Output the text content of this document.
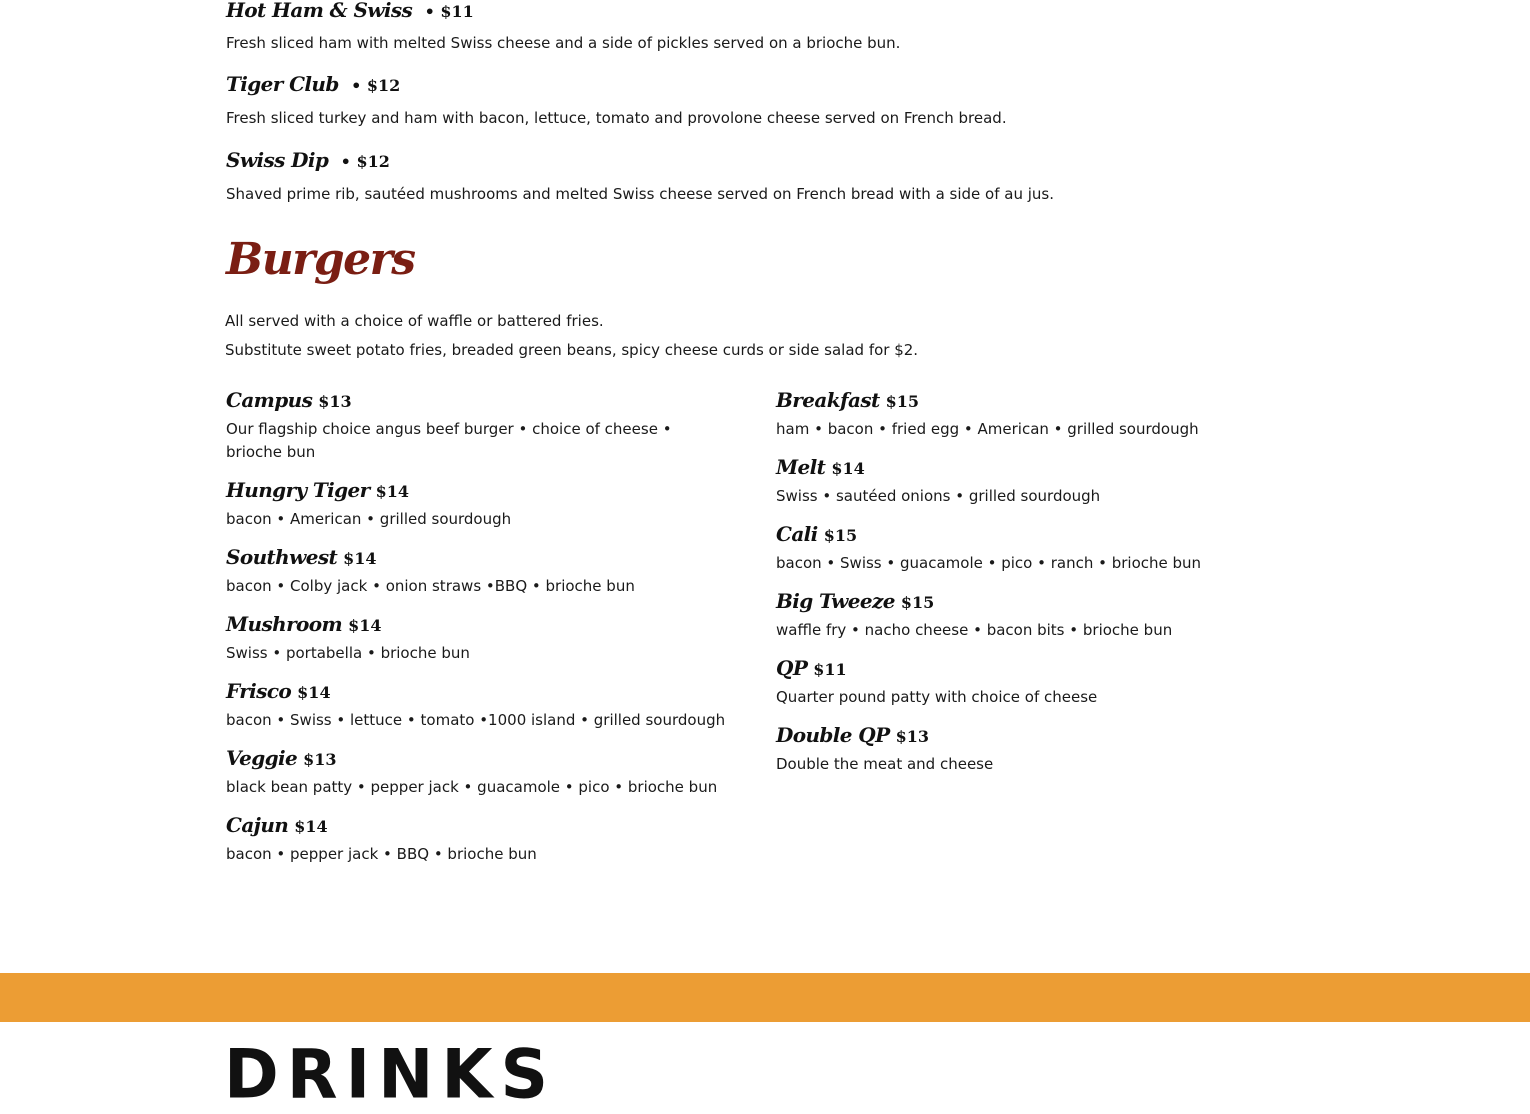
Hot Ham & Swiss • $11
Fresh sliced ham with melted Swiss cheese and a side of pickles served on a brioche bun.
Tiger Club • $12
Fresh sliced turkey and ham with bacon, lettuce, tomato and provolone cheese served on French bread.
Swiss Dip • $12
Shaved prime rib, sautéed mushrooms and melted Swiss cheese served on French bread with a side of au jus.
Burgers
All served with a choice of waffle or battered fries.
Substitute sweet potato fries, breaded green beans, spicy cheese curds or side salad for $2.
Campus $13
Our flagship choice angus beef burger • choice of cheese • brioche bun
Hungry Tiger $14
bacon • American • grilled sourdough
Southwest $14
bacon • Colby jack • onion straws •BBQ • brioche bun
Mushroom $14
Swiss • portabella • brioche bun
Frisco $14
bacon • Swiss • lettuce • tomato •1000 island • grilled sourdough
Veggie $13
black bean patty • pepper jack • guacamole • pico • brioche bun
Cajun $14
bacon • pepper jack • BBQ • brioche bun
Breakfast $15
ham • bacon • fried egg • American • grilled sourdough
Melt $14
Swiss • sautéed onions • grilled sourdough
Cali $15
bacon • Swiss • guacamole • pico • ranch • brioche bun
Big Tweeze $15
waffle fry • nacho cheese • bacon bits • brioche bun
QP $11
Quarter pound patty with choice of cheese
Double QP $13
Double the meat and cheese
DRINKS
